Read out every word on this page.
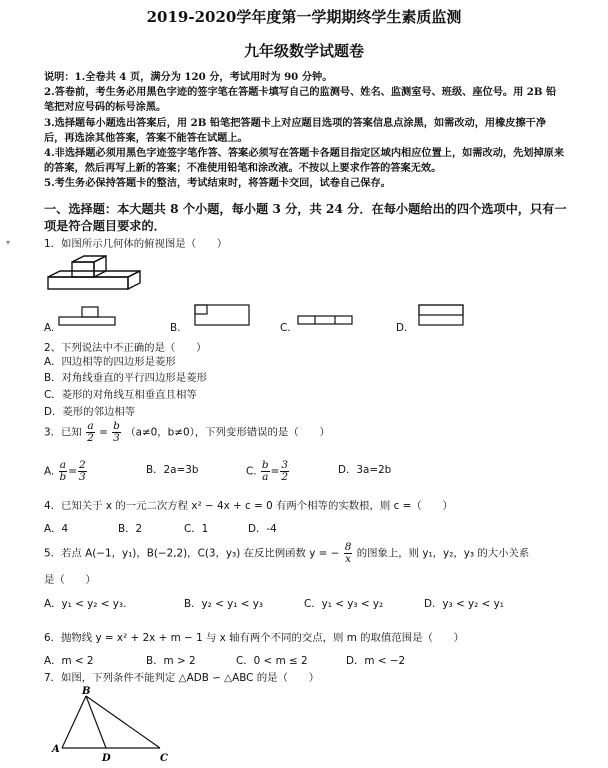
2019-2020学年度第一学期期终学生素质监测
九年级数学试题卷

说明：1.全卷共 4 页，满分为 120 分，考试用时为 90 分钟。

2.答卷前，考生务必用黑色字迹的签字笔在答题卡填写自己的监测号、姓名、监测室号、班级、座位号。用 2B 铅笔把对应号码的标号涂黑。

3.选择题每小题选出答案后，用 2B 铅笔把答题卡上对应题目选项的答案信息点涂黑，如需改动，用橡皮擦干净后，再选涂其他答案，答案不能答在试题上。

4.非选择题必须用黑色字迹签字笔作答、答案必须写在答题卡各题目指定区域内相应位置上，如需改动，先划掉原来的答案，然后再写上新的答案；不准使用铅笔和涂改液。不按以上要求作答的答案无效。

5.考生务必保持答题卡的整洁，考试结束时，将答题卡交回，试卷自己保存。

一、选择题：本大题共 8 个小题，每小题 3 分，共 24 分．在每小题给出的四个选项中，只有一项是符合题目要求的．
▾	1．如图所示几何体的俯视图是（　　）
A.	B.	C.	D.
2、下列说法中不正确的是（　　）
A．四边相等的四边形是菱形
B．对角线垂直的平行四边形是菱形
C．菱形的对角线互相垂直且相等
D．菱形的邻边相等
3．已知 $\frac{a}{2} = \frac{b}{3} (a\ne 0$，b≠0），下列变形错误的是（　　）
A. $\frac{a}{b} = \frac{2}{3}$	B．2a=3b	C. $\frac{b}{a} = \frac{3}{2}$	D．3a=2b
4．已知关于 x 的一元二次方程 x² − 4x + c = 0 有两个相等的实数根，则 c =（　　）
A．4	B．2	C．1	D．-4
5．若点 A(−1，y₁)，B(−2,2)，C(3，y₃) 在反比例函数 y = − $\frac{8}{x}$ 的图象上，则 y₁，y₂，y₃ 的大小关系
是（　　）
A．y₁ < y₂ < y₃.	B．y₂ < y₁ < y₃	C．y₁ < y₃ < y₂	D．y₃ < y₂ < y₁
6．抛物线 y = x² + 2x + m − 1 与 x 轴有两个不同的交点，则 m 的取值范围是（　　）
A．m < 2	B．m > 2	C．0 < m ≤ 2	D．m < −2
7．如图，下列条件不能判定 △ADB ∽ △ABC 的是（　　）
B
A
D	C
